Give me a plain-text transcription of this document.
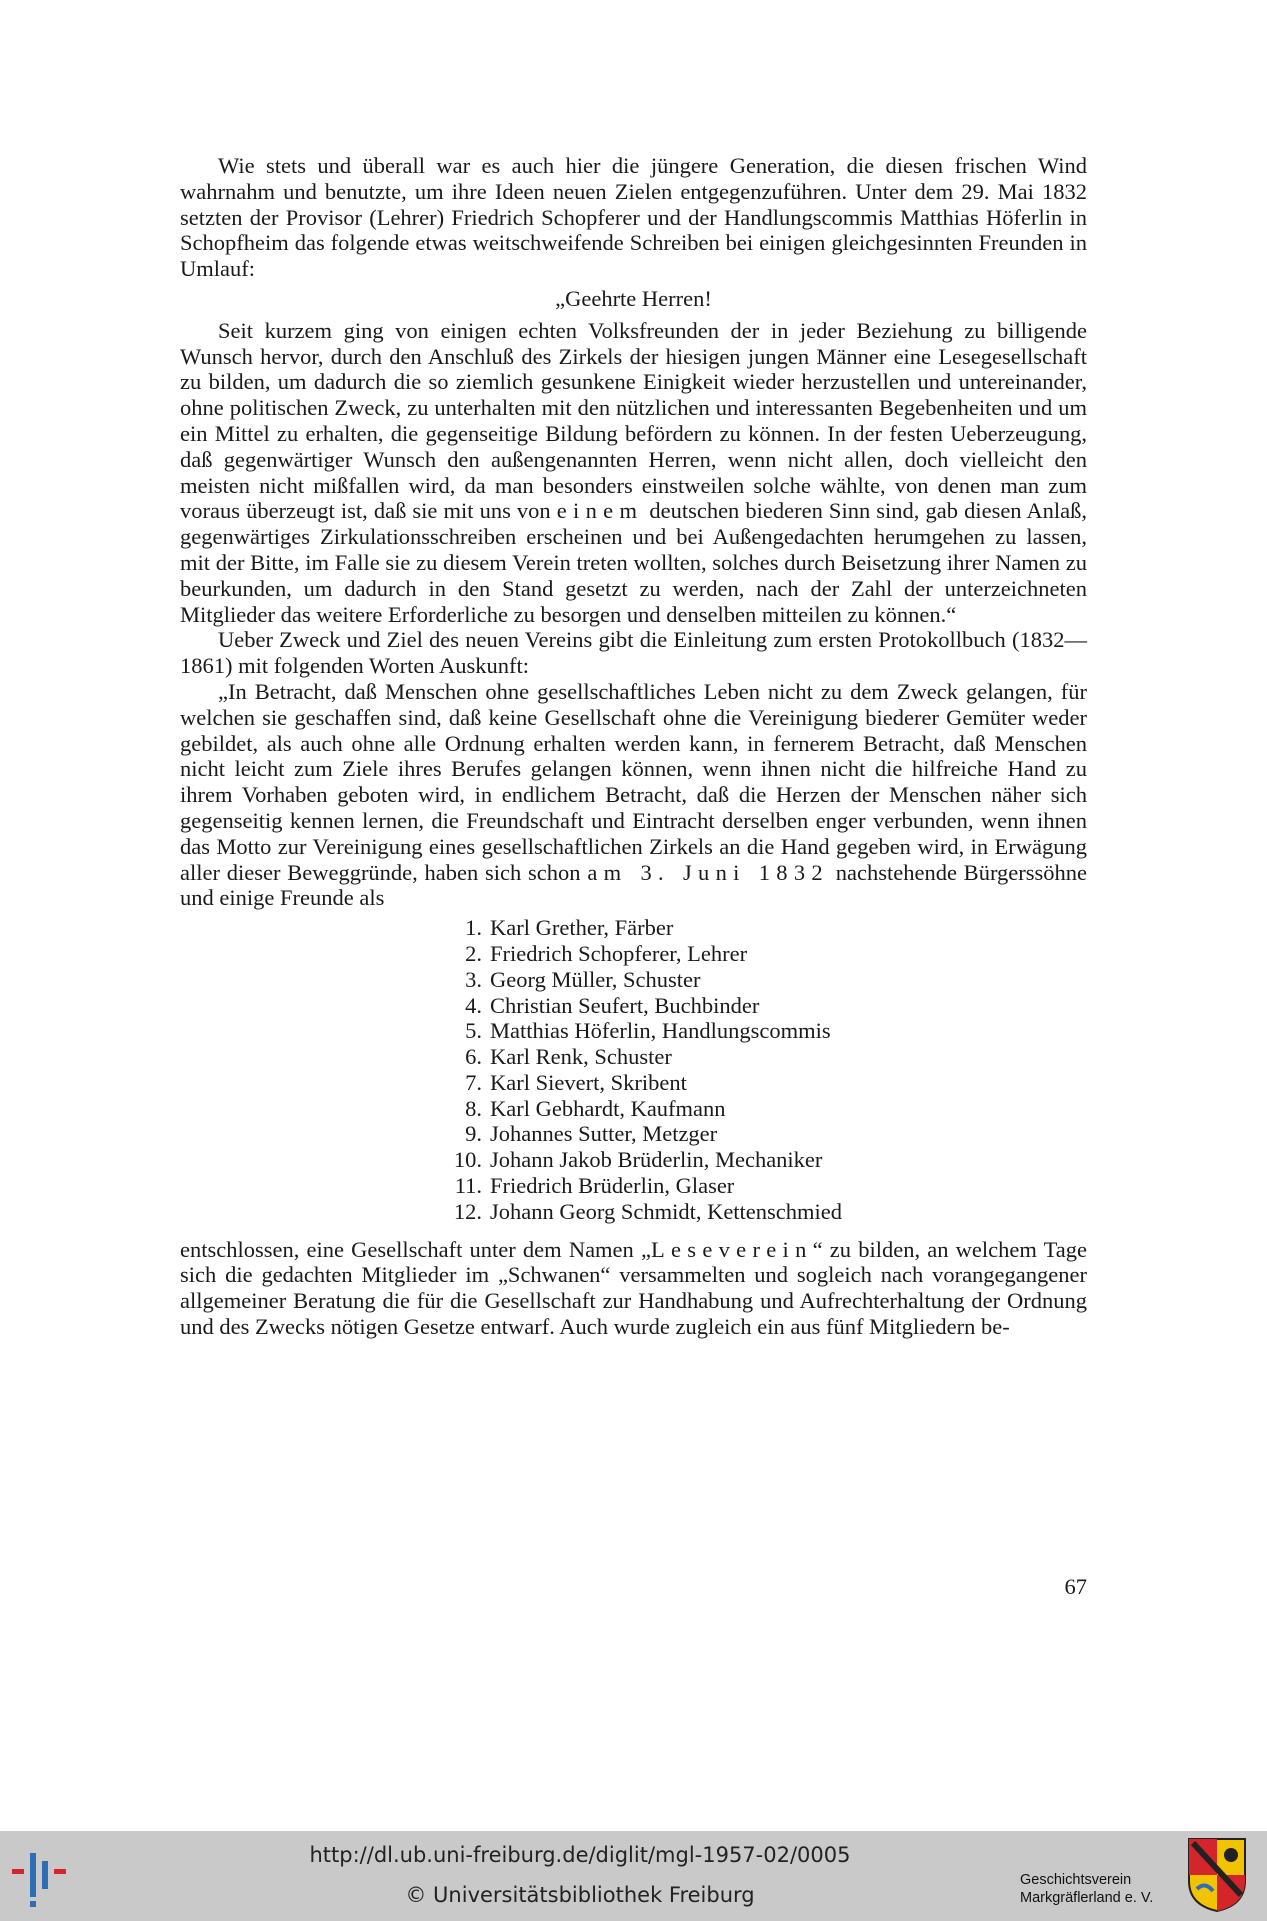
Wie stets und überall war es auch hier die jüngere Generation, die diesen frischen Wind wahrnahm und benutzte, um ihre Ideen neuen Zielen entgegenzuführen. Unter dem 29. Mai 1832 setzten der Provisor (Lehrer) Friedrich Schopferer und der Handlungscommis Matthias Höferlin in Schopfheim das folgende etwas weitschweifende Schreiben bei einigen gleichgesinnten Freunden in Umlauf:

„Geehrte Herren!

Seit kurzem ging von einigen echten Volksfreunden der in jeder Beziehung zu billigende Wunsch hervor, durch den Anschluß des Zirkels der hiesigen jungen Männer eine Lesegesellschaft zu bilden, um dadurch die so ziemlich gesunkene Einigkeit wieder herzustellen und untereinander, ohne politischen Zweck, zu unterhalten mit den nützlichen und interessanten Begebenheiten und um ein Mittel zu erhalten, die gegenseitige Bildung befördern zu können. In der festen Ueberzeugung, daß gegenwärtiger Wunsch den außengenannten Herren, wenn nicht allen, doch vielleicht den meisten nicht mißfallen wird, da man besonders einstweilen solche wählte, von denen man zum voraus überzeugt ist, daß sie mit uns von einem deutschen biederen Sinn sind, gab diesen Anlaß, gegenwärtiges Zirkulationsschreiben erscheinen und bei Außengedachten herumgehen zu lassen, mit der Bitte, im Falle sie zu diesem Verein treten wollten, solches durch Beisetzung ihrer Namen zu beurkunden, um dadurch in den Stand gesetzt zu werden, nach der Zahl der unterzeichneten Mitglieder das weitere Erforderliche zu besorgen und denselben mitteilen zu können.“

Ueber Zweck und Ziel des neuen Vereins gibt die Einleitung zum ersten Protokollbuch (1832—1861) mit folgenden Worten Auskunft:

„In Betracht, daß Menschen ohne gesellschaftliches Leben nicht zu dem Zweck gelangen, für welchen sie geschaffen sind, daß keine Gesellschaft ohne die Vereinigung biederer Gemüter weder gebildet, als auch ohne alle Ordnung erhalten werden kann, in fernerem Betracht, daß Menschen nicht leicht zum Ziele ihres Berufes gelangen können, wenn ihnen nicht die hilfreiche Hand zu ihrem Vorhaben geboten wird, in endlichem Betracht, daß die Herzen der Menschen näher sich gegenseitig kennen lernen, die Freundschaft und Eintracht derselben enger verbunden, wenn ihnen das Motto zur Vereinigung eines gesellschaftlichen Zirkels an die Hand gegeben wird, in Erwägung aller dieser Beweggründe, haben sich schon am 3. Juni 1832 nachstehende Bürgerssöhne und einige Freunde als

1. Karl Grether, Färber
2. Friedrich Schopferer, Lehrer
3. Georg Müller, Schuster
4. Christian Seufert, Buchbinder
5. Matthias Höferlin, Handlungscommis
6. Karl Renk, Schuster
7. Karl Sievert, Skribent
8. Karl Gebhardt, Kaufmann
9. Johannes Sutter, Metzger
10. Johann Jakob Brüderlin, Mechaniker
11. Friedrich Brüderlin, Glaser
12. Johann Georg Schmidt, Kettenschmied

entschlossen, eine Gesellschaft unter dem Namen „Leseverein“ zu bilden, an welchem Tage sich die gedachten Mitglieder im „Schwanen“ versammelten und sogleich nach vorangegangener allgemeiner Beratung die für die Gesellschaft zur Handhabung und Aufrechterhaltung der Ordnung und des Zwecks nötigen Gesetze entwarf. Auch wurde zugleich ein aus fünf Mitgliedern be-

67
http://dl.ub.uni-freiburg.de/diglit/mgl-1957-02/0005
© Universitätsbibliothek Freiburg
Geschichtsverein
Markgräflerland e. V.
